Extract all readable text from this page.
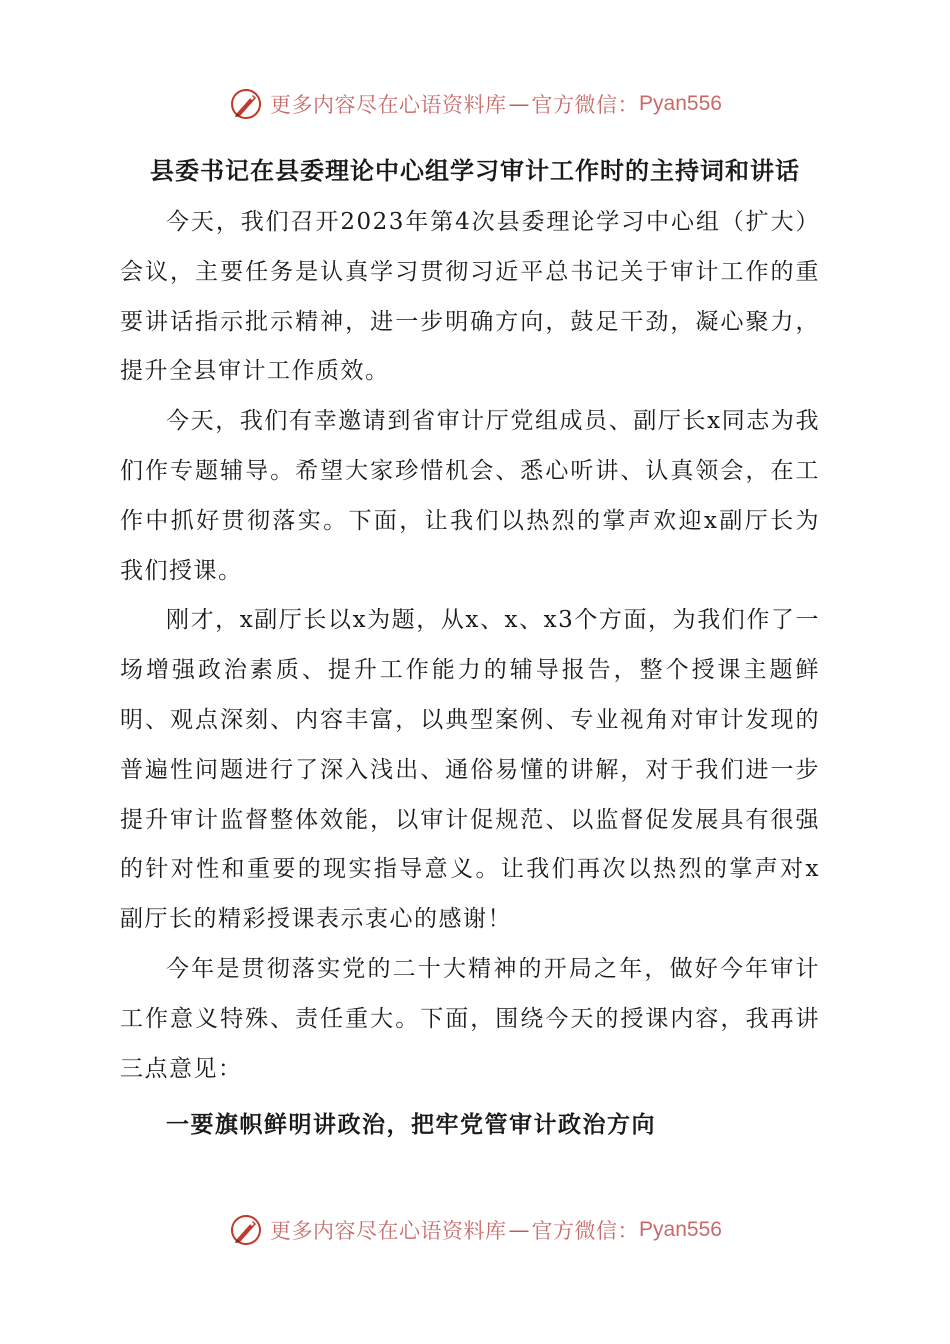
更多内容尽在心语资料库 — 官方微信： Pyan556
县委书记在县委理论中心组学习审计工作时的主持词和讲话

今天，我们召开2023年第4次县委理论学习中心组（扩大）会议，主要任务是认真学习贯彻习近平总书记关于审计工作的重要讲话指示批示精神，进一步明确方向，鼓足干劲，凝心聚力，提升全县审计工作质效。

今天，我们有幸邀请到省审计厅党组成员、副厅长x同志为我们作专题辅导。希望大家珍惜机会、悉心听讲、认真领会，在工作中抓好贯彻落实。下面，让我们以热烈的掌声欢迎x副厅长为我们授课。

刚才，x副厅长以x为题，从x、x、x3个方面，为我们作了一场增强政治素质、提升工作能力的辅导报告，整个授课主题鲜明、观点深刻、内容丰富，以典型案例、专业视角对审计发现的普遍性问题进行了深入浅出、通俗易懂的讲解，对于我们进一步提升审计监督整体效能，以审计促规范、以监督促发展具有很强的针对性和重要的现实指导意义。让我们再次以热烈的掌声对x副厅长的精彩授课表示衷心的感谢！

今年是贯彻落实党的二十大精神的开局之年，做好今年审计工作意义特殊、责任重大。下面，围绕今天的授课内容，我再讲三点意见：

一要旗帜鲜明讲政治，把牢党管审计政治方向

更多内容尽在心语资料库 — 官方微信： Pyan556
